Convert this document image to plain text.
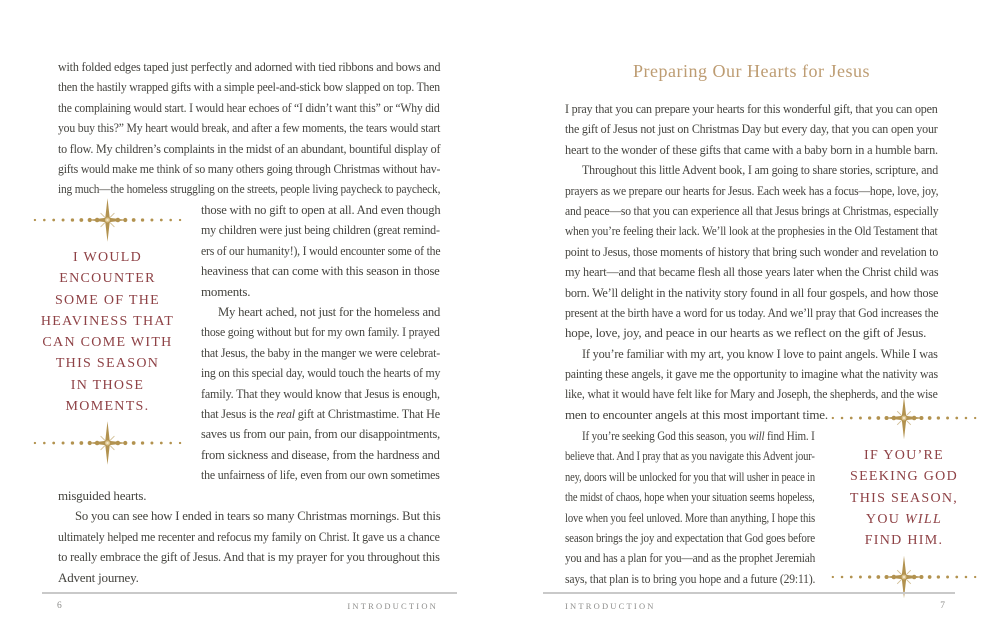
with folded edges taped just perfectly and adorned with tied ribbons and bows and
then the hastily wrapped gifts with a simple peel-and-stick bow slapped on top. Then
the complaining would start. I would hear echoes of “I didn’t want this” or “Why did
you buy this?” My heart would break, and after a few moments, the tears would start
to flow. My children’s complaints in the midst of an abundant, bountiful display of
gifts would make me think of so many others going through Christmas without hav-
ing much—the homeless struggling on the streets, people living paycheck to paycheck,
I WOULD
ENCOUNTER
SOME OF THE
HEAVINESS THAT
CAN COME WITH
THIS SEASON
IN THOSE
MOMENTS.
those with no gift to open at all. And even though
my children were just being children (great remind-
ers of our humanity!), I would encounter some of the
heaviness that can come with this season in those
moments.
My heart ached, not just for the homeless and
those going without but for my own family. I prayed
that Jesus, the baby in the manger we were celebrat-
ing on this special day, would touch the hearts of my
family. That they would know that Jesus is enough,
that Jesus is the real gift at Christmastime. That He
saves us from our pain, from our disappointments,
from sickness and disease, from the hardness and
the unfairness of life, even from our own sometimes
misguided hearts.
So you can see how I ended in tears so many Christmas mornings. But this
ultimately helped me recenter and refocus my family on Christ. It gave us a chance
to really embrace the gift of Jesus. And that is my prayer for you throughout this
Advent journey.
6	INTRODUCTION
Preparing Our Hearts for Jesus
I pray that you can prepare your hearts for this wonderful gift, that you can open
the gift of Jesus not just on Christmas Day but every day, that you can open your
heart to the wonder of these gifts that came with a baby born in a humble barn.
Throughout this little Advent book, I am going to share stories, scripture, and
prayers as we prepare our hearts for Jesus. Each week has a focus—hope, love, joy,
and peace—so that you can experience all that Jesus brings at Christmas, especially
when you’re feeling their lack. We’ll look at the prophesies in the Old Testament that
point to Jesus, those moments of history that bring such wonder and revelation to
my heart—and that became flesh all those years later when the Christ child was
born. We’ll delight in the nativity story found in all four gospels, and how those
present at the birth have a word for us today. And we’ll pray that God increases the
hope, love, joy, and peace in our hearts as we reflect on the gift of Jesus.
If you’re familiar with my art, you know I love to paint angels. While I was
painting these angels, it gave me the opportunity to imagine what the nativity was
like, what it would have felt like for Mary and Joseph, the shepherds, and the wise
men to encounter angels at this most important time.
If you’re seeking God this season, you will find Him. I
believe that. And I pray that as you navigate this Advent jour-
ney, doors will be unlocked for you that will usher in peace in
the midst of chaos, hope when your situation seems hopeless,
love when you feel unloved. More than anything, I hope this
season brings the joy and expectation that God goes before
you and has a plan for you—and as the prophet Jeremiah
says, that plan is to bring you hope and a future (29:11).
IF YOU’RE
SEEKING GOD
THIS SEASON,
YOU WILL
FIND HIM.
INTRODUCTION	7
